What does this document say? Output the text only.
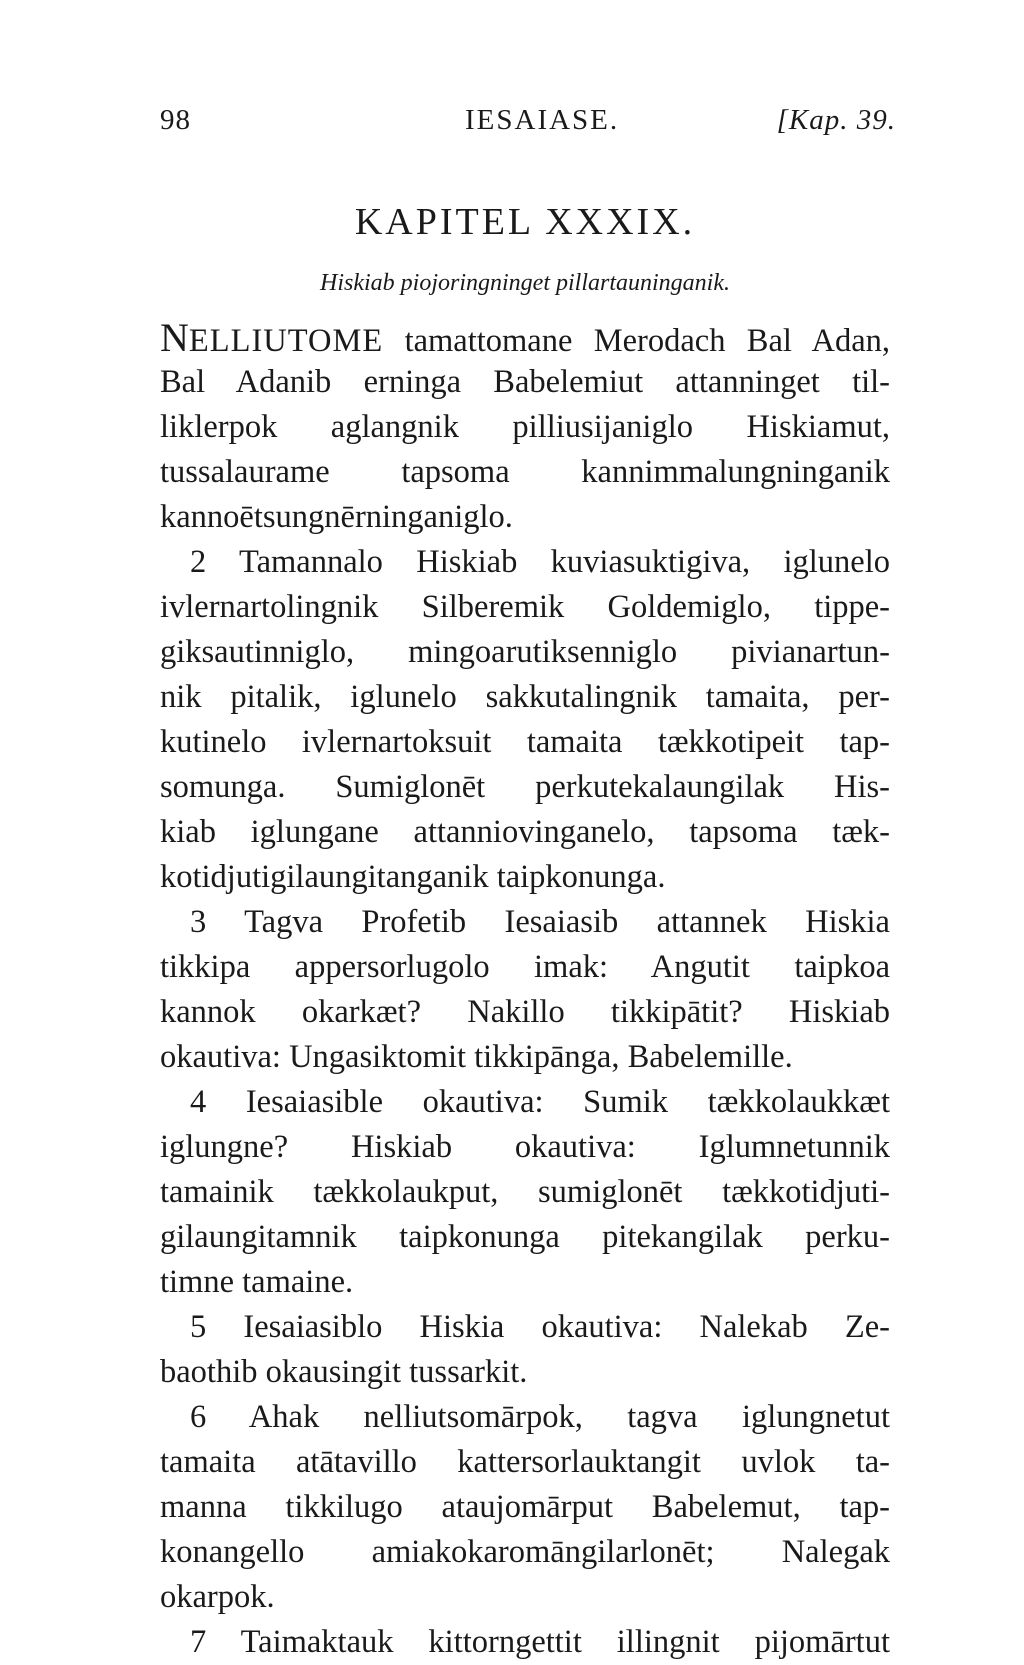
98	IESAIASE.	[Kap. 39.
KAPITEL XXXIX.
Hiskiab piojoringninget pillartauninganik.
NELLIUTOME tamattomane Merodach Bal Adan,
Bal Adanib erninga Babelemiut attanninget til-
liklerpok aglangnik pilliusijaniglo Hiskiamut,
tussalaurame tapsoma kannimmalungninganik
kannoētsungnērninganiglo.
2 Tamannalo Hiskiab kuviasuktigiva, iglunelo
ivlernartolingnik Silberemik Goldemiglo, tippe-
giksautinniglo, mingoarutiksenniglo pivianartun-
nik pitalik, iglunelo sakkutalingnik tamaita, per-
kutinelo ivlernartoksuit tamaita tækkotipeit tap-
somunga. Sumiglonēt perkutekalaungilak His-
kiab iglungane attanniovinganelo, tapsoma tæk-
kotidjutigilaungitanganik taipkonunga.
3 Tagva Profetib Iesaiasib attannek Hiskia
tikkipa appersorlugolo imak: Angutit taipkoa
kannok okarkæt? Nakillo tikkipātit? Hiskiab
okautiva: Ungasiktomit tikkipānga, Babelemille.
4 Iesaiasible okautiva: Sumik tækkolaukkæt
iglungne? Hiskiab okautiva: Iglumnetunnik
tamainik tækkolaukput, sumiglonēt tækkotidjuti-
gilaungitamnik taipkonunga pitekangilak perku-
timne tamaine.
5 Iesaiasiblo Hiskia okautiva: Nalekab Ze-
baothib okausingit tussarkit.
6 Ahak nelliutsomārpok, tagva iglungnetut
tamaita atātavillo kattersorlauktangit uvlok ta-
manna tikkilugo ataujomārput Babelemut, tap-
konangello amiakokaromāngilarlonēt; Nalegak
okarpok.
7 Taimaktauk kittorngettit illingnit pijomārtut
